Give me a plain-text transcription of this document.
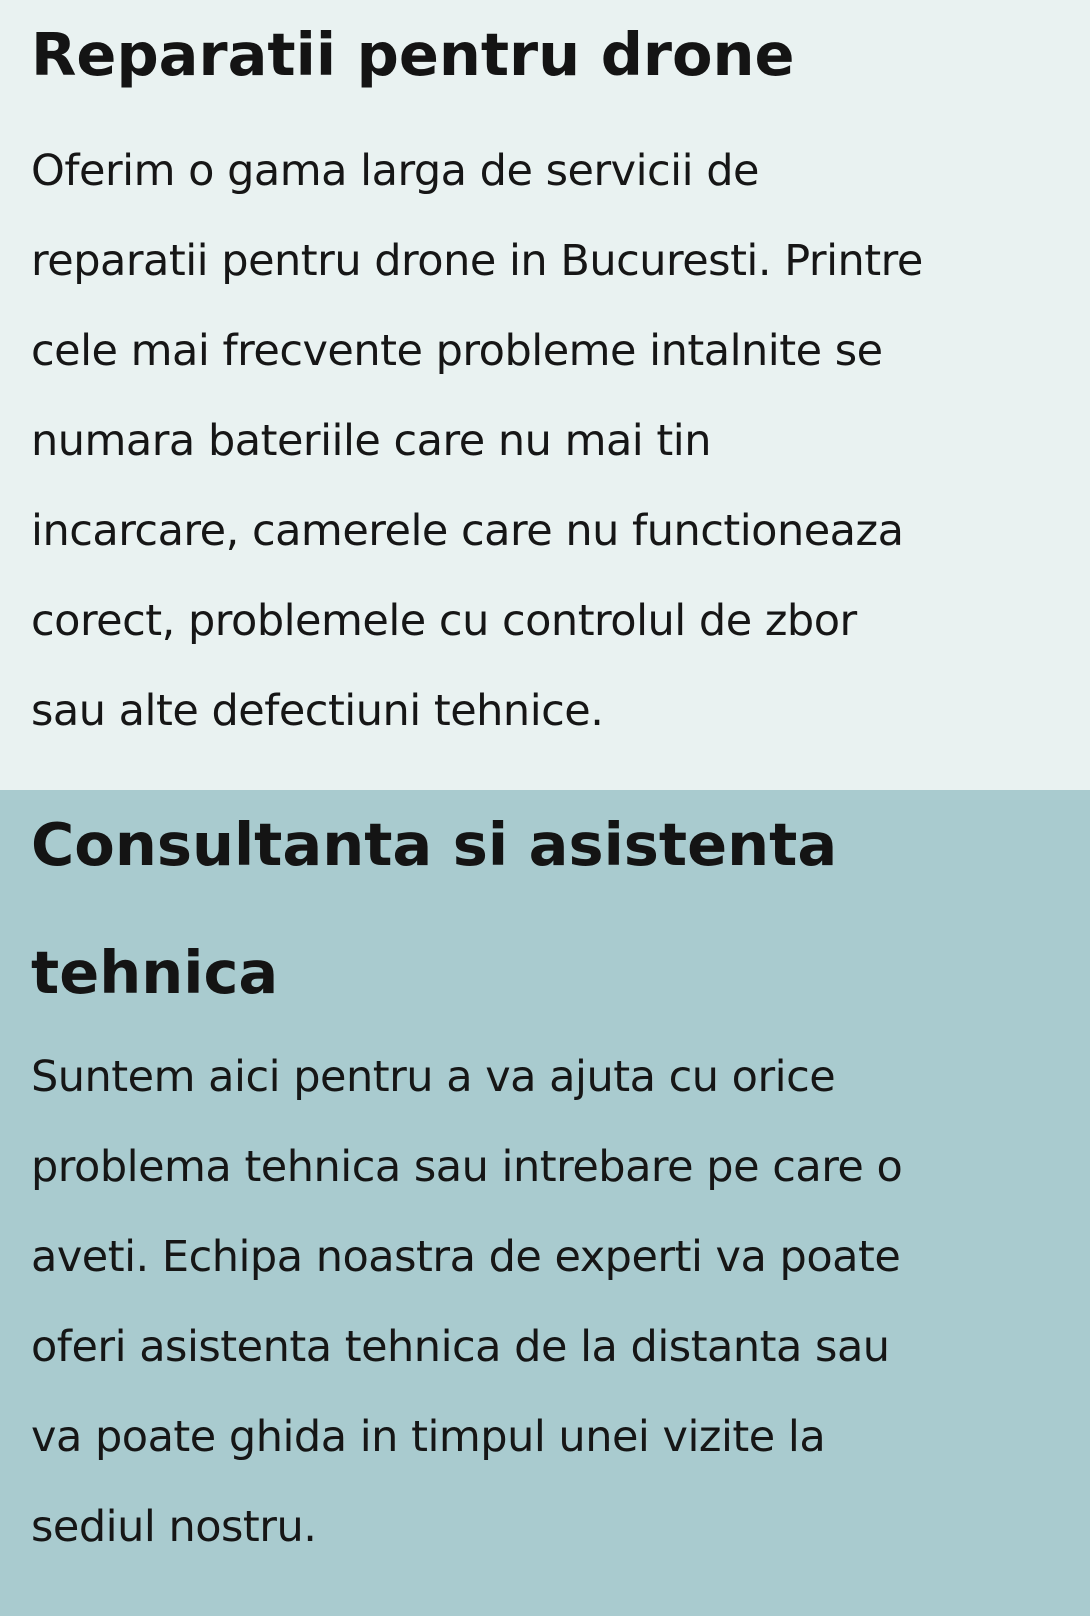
Reparatii pentru drone

Oferim o gama larga de servicii de

reparatii pentru drone in Bucuresti. Printre

cele mai frecvente probleme intalnite se

numara bateriile care nu mai tin

incarcare, camerele care nu functioneaza

corect, problemele cu controlul de zbor

sau alte defectiuni tehnice.

Consultanta si asistenta
tehnica

Suntem aici pentru a va ajuta cu orice

problema tehnica sau intrebare pe care o

aveti. Echipa noastra de experti va poate

oferi asistenta tehnica de la distanta sau

va poate ghida in timpul unei vizite la

sediul nostru.
